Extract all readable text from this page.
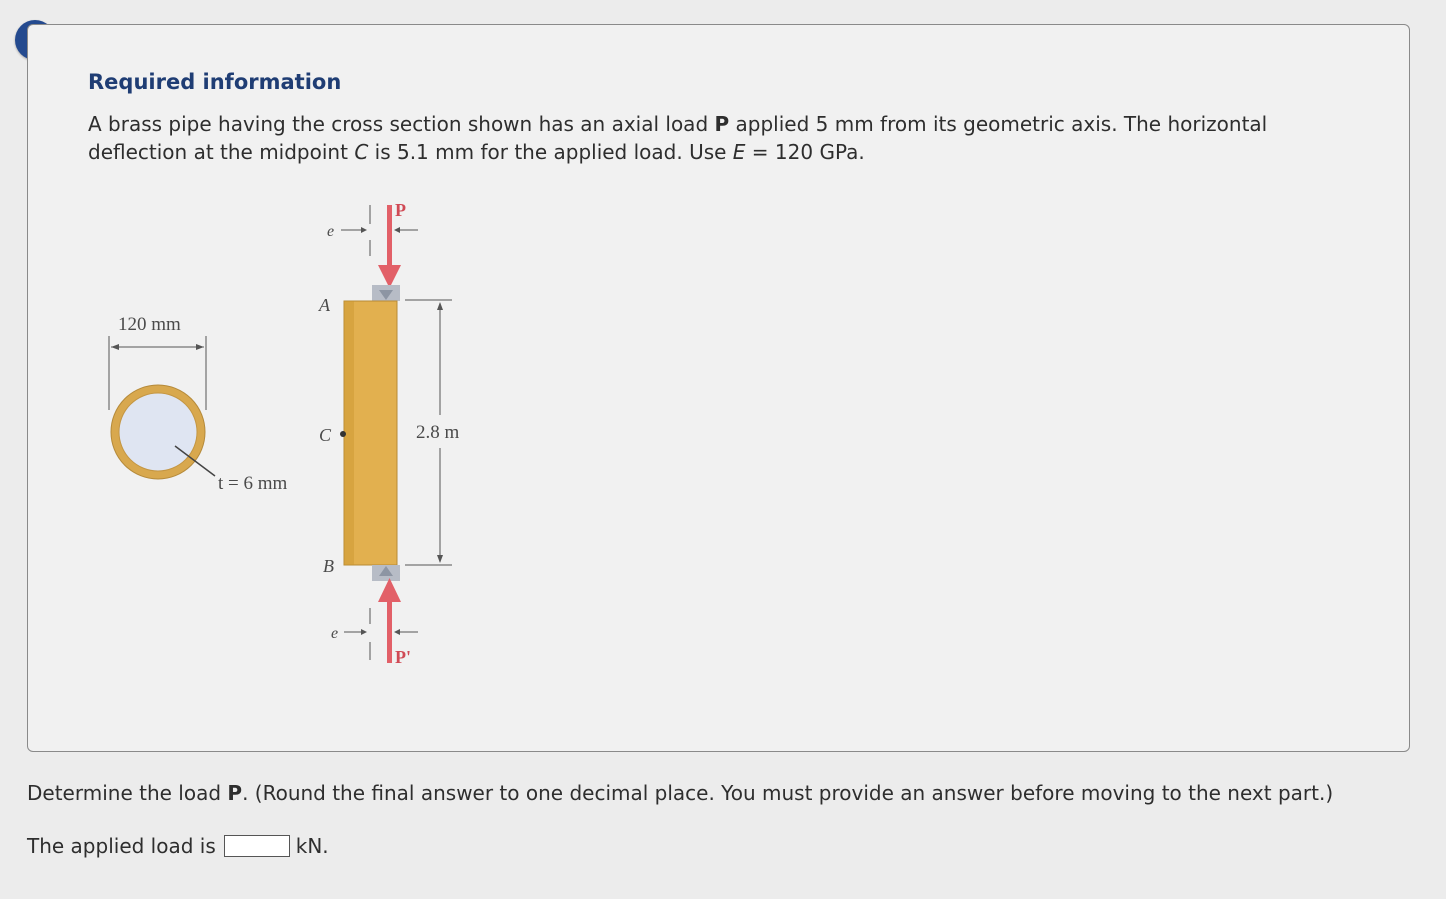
Required information
A brass pipe having the cross section shown has an axial load P applied 5 mm from its geometric axis. The horizontal deflection at the midpoint C is 5.1 mm for the applied load. Use E = 120 GPa.
120 mm
t = 6 mm
e
P
A
C
B
2.8 m
e
P'
Determine the load P. (Round the final answer to one decimal place. You must provide an answer before moving to the next part.)
The applied load is	kN.
